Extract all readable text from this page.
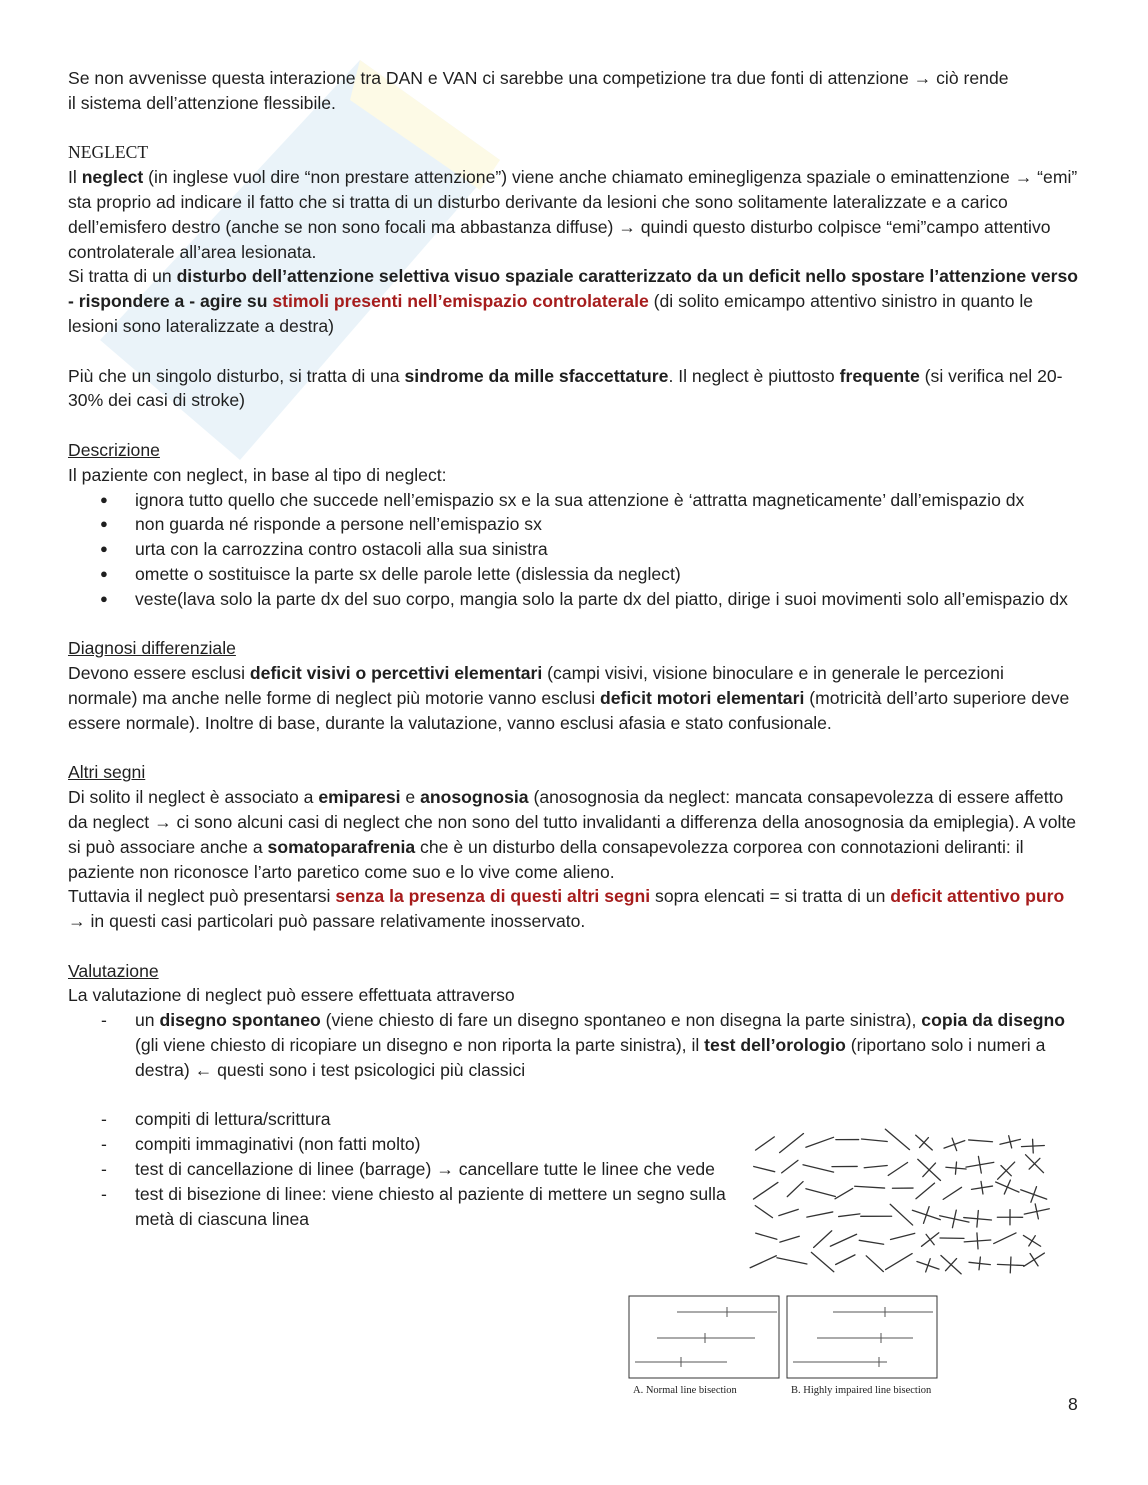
Se non avvenisse questa interazione tra DAN e VAN ci sarebbe una competizione tra due fonti di attenzione → ciò rende

il sistema dell’attenzione flessibile.

NEGLECT

Il neglect (in inglese vuol dire “non prestare attenzione”) viene anche chiamato eminegligenza spaziale o eminattenzione → “emi” sta proprio ad indicare il fatto che si tratta di un disturbo derivante da lesioni che sono solitamente lateralizzate e a carico dell’emisfero destro (anche se non sono focali ma abbastanza diffuse) → quindi questo disturbo colpisce “emi”campo attentivo controlaterale all’area lesionata.

Si tratta di un disturbo dell’attenzione selettiva visuo spaziale caratterizzato da un deficit nello spostare l’attenzione verso - rispondere a - agire su stimoli presenti nell’emispazio controlaterale (di solito emicampo attentivo sinistro in quanto le lesioni sono lateralizzate a destra)

Più che un singolo disturbo, si tratta di una sindrome da mille sfaccettature. Il neglect è piuttosto frequente (si verifica nel 20-30% dei casi di stroke)

Descrizione

Il paziente con neglect, in base al tipo di neglect:

● ignora tutto quello che succede nell’emispazio sx e la sua attenzione è ‘attratta magneticamente’ dall’emispazio dx
● non guarda né risponde a persone nell’emispazio sx
● urta con la carrozzina contro ostacoli alla sua sinistra
● omette o sostituisce la parte sx delle parole lette (dislessia da neglect)
● veste(lava solo la parte dx del suo corpo, mangia solo la parte dx del piatto, dirige i suoi movimenti solo all’emispazio dx

Diagnosi differenziale

Devono essere esclusi deficit visivi o percettivi elementari (campi visivi, visione binoculare e in generale le percezioni normale) ma anche nelle forme di neglect più motorie vanno esclusi deficit motori elementari (motricità dell’arto superiore deve essere normale). Inoltre di base, durante la valutazione, vanno esclusi afasia e stato confusionale.

Altri segni

Di solito il neglect è associato a emiparesi e anosognosia (anosognosia da neglect: mancata consapevolezza di essere affetto da neglect → ci sono alcuni casi di neglect che non sono del tutto invalidanti a differenza della anosognosia da emiplegia). A volte si può associare anche a somatoparafrenia che è un disturbo della consapevolezza corporea con connotazioni deliranti: il paziente non riconosce l’arto paretico come suo e lo vive come alieno.

Tuttavia il neglect può presentarsi senza la presenza di questi altri segni sopra elencati = si tratta di un deficit attentivo puro → in questi casi particolari può passare relativamente inosservato.

Valutazione

La valutazione di neglect può essere effettuata attraverso

- un disegno spontaneo (viene chiesto di fare un disegno spontaneo e non disegna la parte sinistra), copia da disegno (gli viene chiesto di ricopiare un disegno e non riporta la parte sinistra), il test dell’orologio (riportano solo i numeri a destra) ← questi sono i test psicologici più classici
- compiti di lettura/scrittura
- compiti immaginativi (non fatti molto)
- test di cancellazione di linee (barrage) → cancellare tutte le linee che vede
- test di bisezione di linee: viene chiesto al paziente di mettere un segno sulla metà di ciascuna linea
A. Normal line bisection	B. Highly impaired line bisection
8
